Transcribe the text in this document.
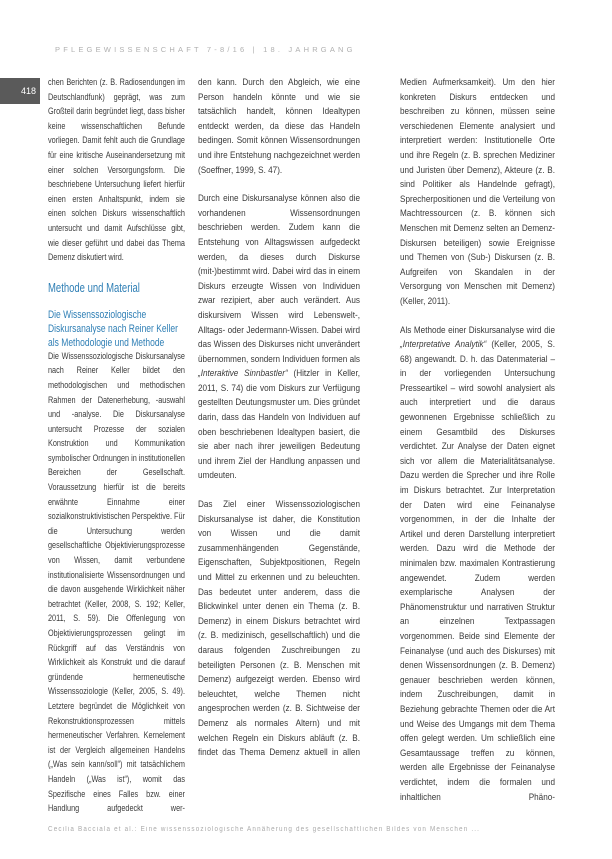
PFLEGEWISSENSCHAFT 7-8/16 | 18. JAHRGANG
418

chen Berichten (z. B. Radiosendungen im Deutschlandfunk) geprägt, was zum Großteil darin begründet liegt, dass bisher keine wissenschaftlichen Befunde vorliegen. Damit fehlt auch die Grundlage für eine kritische Auseinandersetzung mit einer solchen Versorgungsform. Die beschriebene Untersuchung liefert hierfür einen ersten Anhaltspunkt, indem sie einen solchen Diskurs wissenschaftlich untersucht und damit Aufschlüsse gibt, wie dieser geführt und dabei das Thema Demenz diskutiert wird.

Methode und Material

Die Wissenssoziologische Diskursanalyse nach Reiner Keller als Methodologie und Methode

Die Wissenssoziologische Diskursanalyse nach Reiner Keller bildet den methodologischen und methodischen Rahmen der Datenerhebung, -auswahl und -analyse. Die Diskursanalyse untersucht Prozesse der sozialen Konstruktion und Kommunikation symbolischer Ordnungen in institutionellen Bereichen der Gesellschaft. Voraussetzung hierfür ist die bereits erwähnte Einnahme einer sozialkonstruktivistischen Perspektive. Für die Untersuchung werden gesellschaftliche Objektivierungsprozesse von Wissen, damit verbundene institutionalisierte Wissensordnungen und die davon ausgehende Wirklichkeit näher betrachtet (Keller, 2008, S. 192; Keller, 2011, S. 59). Die Offenlegung von Objektivierungsprozessen gelingt im Rückgriff auf das Verständnis von Wirklichkeit als Konstrukt und die darauf gründende hermeneutische Wissenssoziologie (Keller, 2005, S. 49). Letztere begründet die Möglichkeit von Rekonstruktionsprozessen mittels hermeneutischer Verfahren. Kernelement ist der Vergleich allgemeinen Handelns („Was sein kann/soll“) mit tatsächlichem Handeln („Was ist“), womit das Spezifische eines Falles bzw. einer Handlung aufgedeckt wer-

den kann. Durch den Abgleich, wie eine Person handeln könnte und wie sie tatsächlich handelt, können Idealtypen entdeckt werden, da diese das Handeln bedingen. Somit können Wissensordnungen und ihre Entstehung nachgezeichnet werden (Soeffner, 1999, S. 47).

Durch eine Diskursanalyse können also die vorhandenen Wissensordnungen beschrieben werden. Zudem kann die Entstehung von Alltagswissen aufgedeckt werden, da dieses durch Diskurse (mit-)bestimmt wird. Dabei wird das in einem Diskurs erzeugte Wissen von Individuen zwar rezipiert, aber auch verändert. Aus diskursivem Wissen wird Lebenswelt-, Alltags- oder Jedermann-Wissen. Dabei wird das Wissen des Diskurses nicht unverändert übernommen, sondern Individuen formen als „Interaktive Sinnbastler“ (Hitzler in Keller, 2011, S. 74) die vom Diskurs zur Verfügung gestellten Deutungsmuster um. Dies gründet darin, dass das Handeln von Individuen auf oben beschriebenen Idealtypen basiert, die sie aber nach ihrer jeweiligen Bedeutung und ihrem Ziel der Handlung anpassen und umdeuten.

Das Ziel einer Wissenssoziologischen Diskursanalyse ist daher, die Konstitution von Wissen und die damit zusammenhängenden Gegenstände, Eigenschaften, Subjektpositionen, Regeln und Mittel zu erkennen und zu beleuchten. Das bedeutet unter anderem, dass die Blickwinkel unter denen ein Thema (z. B. Demenz) in einem Diskurs betrachtet wird (z. B. medizinisch, gesellschaftlich) und die daraus folgenden Zuschreibungen zu beteiligten Personen (z. B. Menschen mit Demenz) aufgezeigt werden. Ebenso wird beleuchtet, welche Themen nicht angesprochen werden (z. B. Sichtweise der Demenz als normales Altern) und mit welchen Regeln ein Diskurs abläuft (z. B. findet das Thema Demenz aktuell in allen

Medien Aufmerksamkeit). Um den hier konkreten Diskurs entdecken und beschreiben zu können, müssen seine verschiedenen Elemente analysiert und interpretiert werden: Institutionelle Orte und ihre Regeln (z. B. sprechen Mediziner und Juristen über Demenz), Akteure (z. B. sind Politiker als Handelnde gefragt), Sprecherpositionen und die Verteilung von Machtressourcen (z. B. können sich Menschen mit Demenz selten an Demenz-Diskursen beteiligen) sowie Ereignisse und Themen von (Sub-) Diskursen (z. B. Aufgreifen von Skandalen in der Versorgung von Menschen mit Demenz) (Keller, 2011).

Als Methode einer Diskursanalyse wird die „Interpretative Analytik“ (Keller, 2005, S. 68) angewandt. D. h. das Datenmaterial – in der vorliegenden Untersuchung Presseartikel – wird sowohl analysiert als auch interpretiert und die daraus gewonnenen Ergebnisse schließlich zu einem Gesamtbild des Diskurses verdichtet. Zur Analyse der Daten eignet sich vor allem die Materialitätsanalyse. Dazu werden die Sprecher und ihre Rolle im Diskurs betrachtet. Zur Interpretation der Daten wird eine Feinanalyse vorgenommen, in der die Inhalte der Artikel und deren Darstellung interpretiert werden. Dazu wird die Methode der minimalen bzw. maximalen Kontrastierung angewendet. Zudem werden exemplarische Analysen der Phänomenstruktur und narrativen Struktur an einzelnen Textpassagen vorgenommen. Beide sind Elemente der Feinanalyse (und auch des Diskurses) mit denen Wissensordnungen (z. B. Demenz) genauer beschrieben werden können, indem Zuschreibungen, damit in Beziehung gebrachte Themen oder die Art und Weise des Umgangs mit dem Thema offen gelegt werden. Um schließlich eine Gesamtaussage treffen zu können, werden alle Ergebnisse der Feinanalyse verdichtet, indem die formalen und inhaltlichen Phäno-

Cecilia Bacciala et al.: Eine wissenssoziologische Annäherung des gesellschaftlichen Bildes von Menschen ...
